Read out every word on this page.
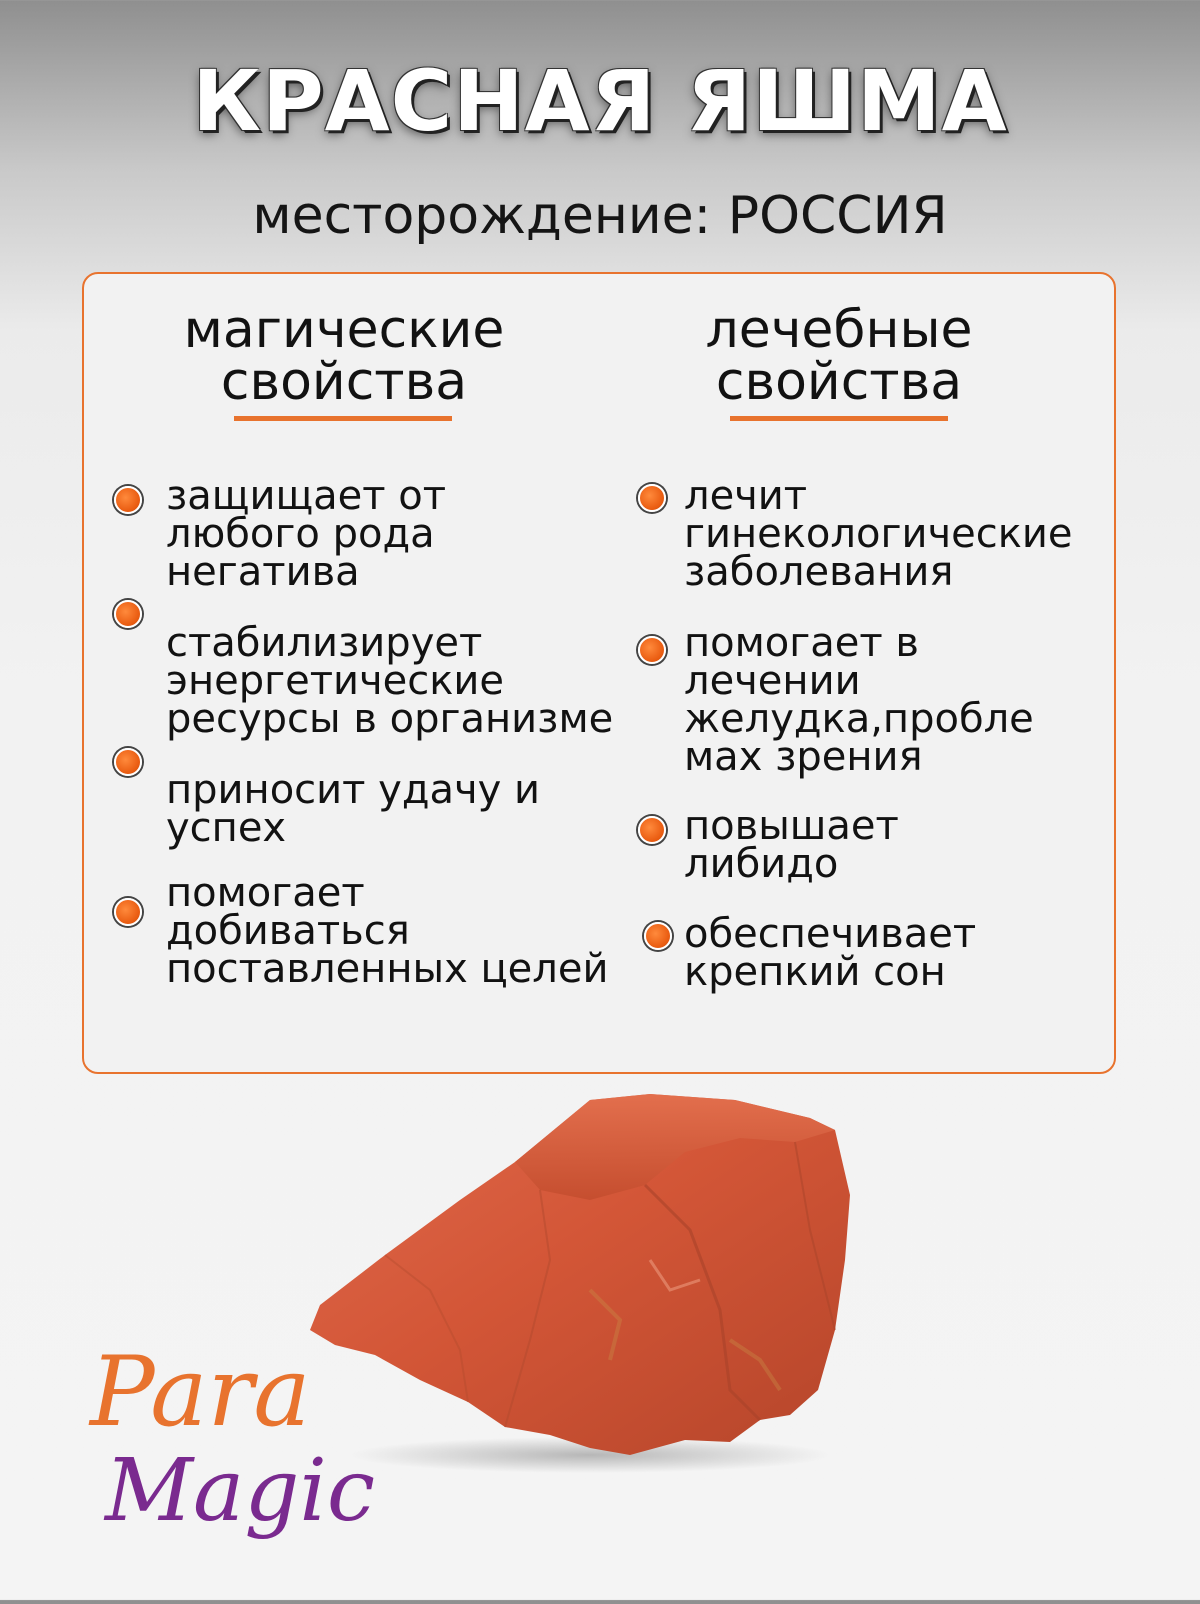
КРАСНАЯ ЯШМА
месторождение: РОССИЯ
магические
свойства
лечебные
свойства
защищает от
любого рода
негатива
стабилизирует
энергетические
ресурсы в организме
приносит удачу и
успех
помогает
добиваться
поставленных целей
лечит
гинекологические
заболевания
помогает в
лечении
желудка,пробле
мах зрения
повышает
либидо
обеспечивает
крепкий сон
Para
Magic
